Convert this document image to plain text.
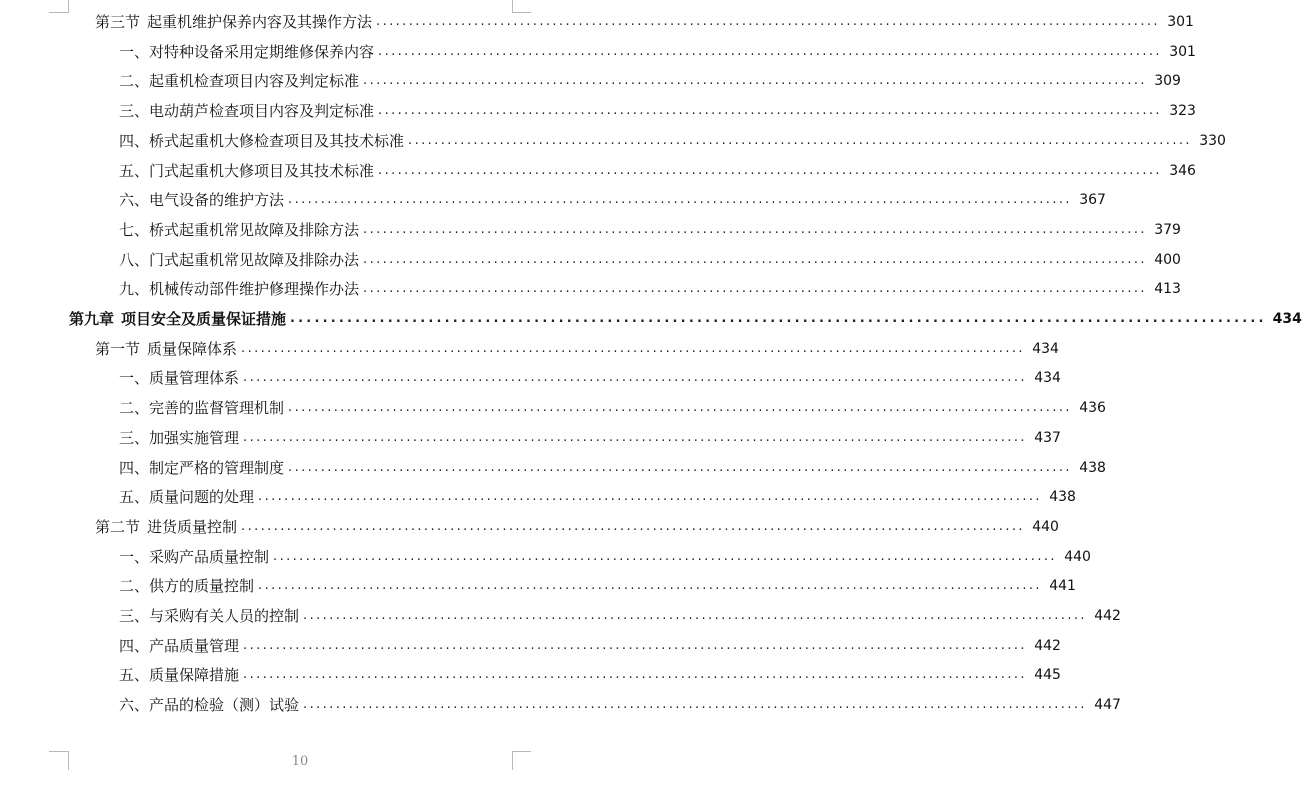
第三节 起重机维护保养内容及其操作方法 ........................................................................................................................ 301
一、 对特种设备采用定期维修保养内容 ........................................................................................................................ 301
二、 起重机检查项目内容及判定标准 ........................................................................................................................ 309
三、 电动葫芦检查项目内容及判定标准 ........................................................................................................................ 323
四、 桥式起重机大修检查项目及其技术标准 ........................................................................................................................ 330
五、 门式起重机大修项目及其技术标准 ........................................................................................................................ 346
六、 电气设备的维护方法 ........................................................................................................................ 367
七、 桥式起重机常见故障及排除方法 ........................................................................................................................ 379
八、 门式起重机常见故障及排除办法 ........................................................................................................................ 400
九、 机械传动部件维护修理操作办法 ........................................................................................................................ 413
第九章 项目安全及质量保证措施 ........................................................................................................................ 434
第一节 质量保障体系 ........................................................................................................................ 434
一、 质量管理体系 ........................................................................................................................ 434
二、 完善的监督管理机制 ........................................................................................................................ 436
三、 加强实施管理 ........................................................................................................................ 437
四、 制定严格的管理制度 ........................................................................................................................ 438
五、 质量问题的处理 ........................................................................................................................ 438
第二节 进货质量控制 ........................................................................................................................ 440
一、 采购产品质量控制 ........................................................................................................................ 440
二、 供方的质量控制 ........................................................................................................................ 441
三、 与采购有关人员的控制 ........................................................................................................................ 442
四、 产品质量管理 ........................................................................................................................ 442
五、 质量保障措施 ........................................................................................................................ 445
六、 产品的检验（测）试验 ........................................................................................................................ 447
10
